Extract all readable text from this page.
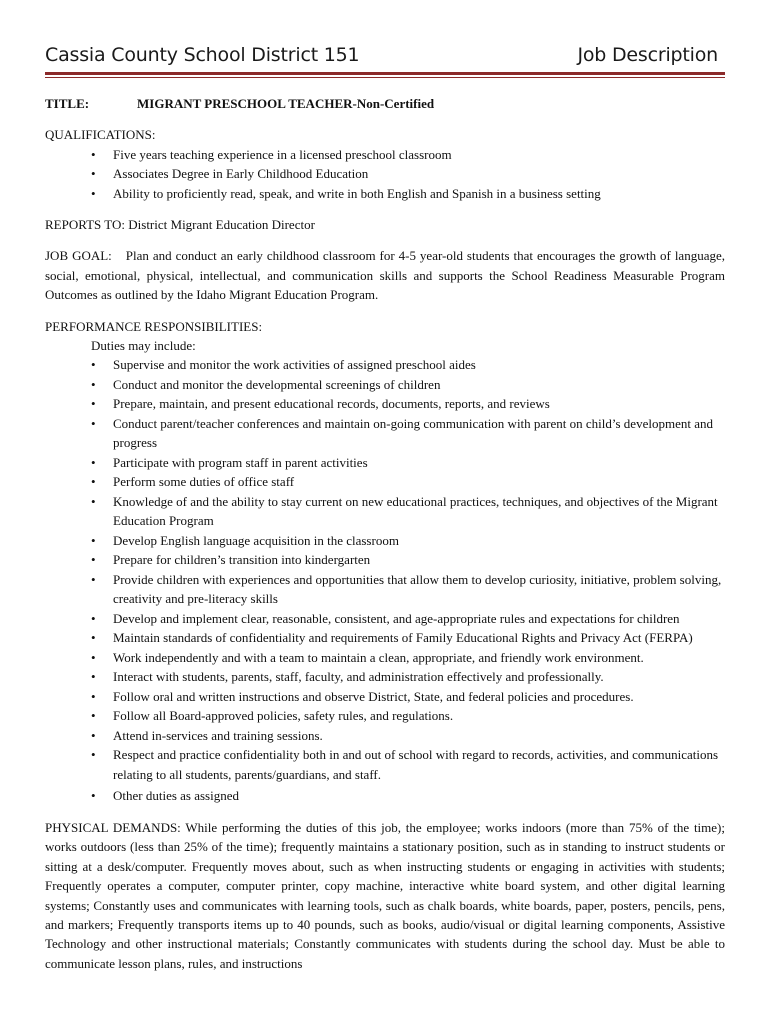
Cassia County School District 151	Job Description
TITLE:	MIGRANT PRESCHOOL TEACHER-Non-Certified
QUALIFICATIONS:
• Five years teaching experience in a licensed preschool classroom
• Associates Degree in Early Childhood Education
• Ability to proficiently read, speak, and write in both English and Spanish in a business setting
REPORTS TO: District Migrant Education Director
JOB GOAL: Plan and conduct an early childhood classroom for 4-5 year-old students that encourages the growth of language, social, emotional, physical, intellectual, and communication skills and supports the School Readiness Measurable Program Outcomes as outlined by the Idaho Migrant Education Program.
PERFORMANCE RESPONSIBILITIES:
Duties may include:
• Supervise and monitor the work activities of assigned preschool aides
• Conduct and monitor the developmental screenings of children
• Prepare, maintain, and present educational records, documents, reports, and reviews
• Conduct parent/teacher conferences and maintain on-going communication with parent on child’s development and progress
• Participate with program staff in parent activities
• Perform some duties of office staff
• Knowledge of and the ability to stay current on new educational practices, techniques, and objectives of the Migrant Education Program
• Develop English language acquisition in the classroom
• Prepare for children’s transition into kindergarten
• Provide children with experiences and opportunities that allow them to develop curiosity, initiative, problem solving, creativity and pre-literacy skills
• Develop and implement clear, reasonable, consistent, and age-appropriate rules and expectations for children
• Maintain standards of confidentiality and requirements of Family Educational Rights and Privacy Act (FERPA)
• Work independently and with a team to maintain a clean, appropriate, and friendly work environment.
• Interact with students, parents, staff, faculty, and administration effectively and professionally.
• Follow oral and written instructions and observe District, State, and federal policies and procedures.
• Follow all Board-approved policies, safety rules, and regulations.
• Attend in-services and training sessions.
• Respect and practice confidentiality both in and out of school with regard to records, activities, and communications relating to all students, parents/guardians, and staff.
• Other duties as assigned
PHYSICAL DEMANDS: While performing the duties of this job, the employee; works indoors (more than 75% of the time); works outdoors (less than 25% of the time); frequently maintains a stationary position, such as in standing to instruct students or sitting at a desk/computer. Frequently moves about, such as when instructing students or engaging in activities with students; Frequently operates a computer, computer printer, copy machine, interactive white board system, and other digital learning systems; Constantly uses and communicates with learning tools, such as chalk boards, white boards, paper, posters, pencils, pens, and markers; Frequently transports items up to 40 pounds, such as books, audio/visual or digital learning components, Assistive Technology and other instructional materials; Constantly communicates with students during the school day. Must be able to communicate lesson plans, rules, and instructions
